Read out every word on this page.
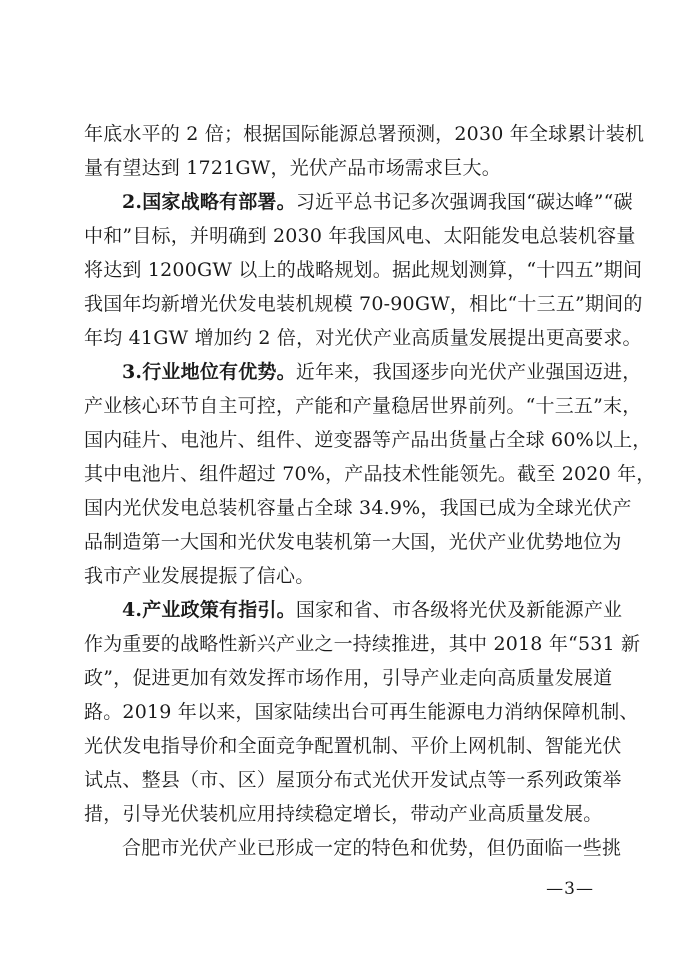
年底水平的 2 倍；根据国际能源总署预测，2030 年全球累计装机
量有望达到 1721GW，光伏产品市场需求巨大。
2.国家战略有部署。习近平总书记多次强调我国“碳达峰”“碳
中和”目标，并明确到 2030 年我国风电、太阳能发电总装机容量
将达到 1200GW 以上的战略规划。据此规划测算，“十四五”期间
我国年均新增光伏发电装机规模 70-90GW，相比“十三五”期间的
年均 41GW 增加约 2 倍，对光伏产业高质量发展提出更高要求。
3.行业地位有优势。近年来，我国逐步向光伏产业强国迈进，
产业核心环节自主可控，产能和产量稳居世界前列。“十三五”末，
国内硅片、电池片、组件、逆变器等产品出货量占全球 60%以上，
其中电池片、组件超过 70%，产品技术性能领先。截至 2020 年，
国内光伏发电总装机容量占全球 34.9%，我国已成为全球光伏产
品制造第一大国和光伏发电装机第一大国，光伏产业优势地位为
我市产业发展提振了信心。
4.产业政策有指引。国家和省、市各级将光伏及新能源产业
作为重要的战略性新兴产业之一持续推进，其中 2018 年“531 新
政”，促进更加有效发挥市场作用，引导产业走向高质量发展道
路。2019 年以来，国家陆续出台可再生能源电力消纳保障机制、
光伏发电指导价和全面竞争配置机制、平价上网机制、智能光伏
试点、整县（市、区）屋顶分布式光伏开发试点等一系列政策举
措，引导光伏装机应用持续稳定增长，带动产业高质量发展。
合肥市光伏产业已形成一定的特色和优势，但仍面临一些挑
—3—
